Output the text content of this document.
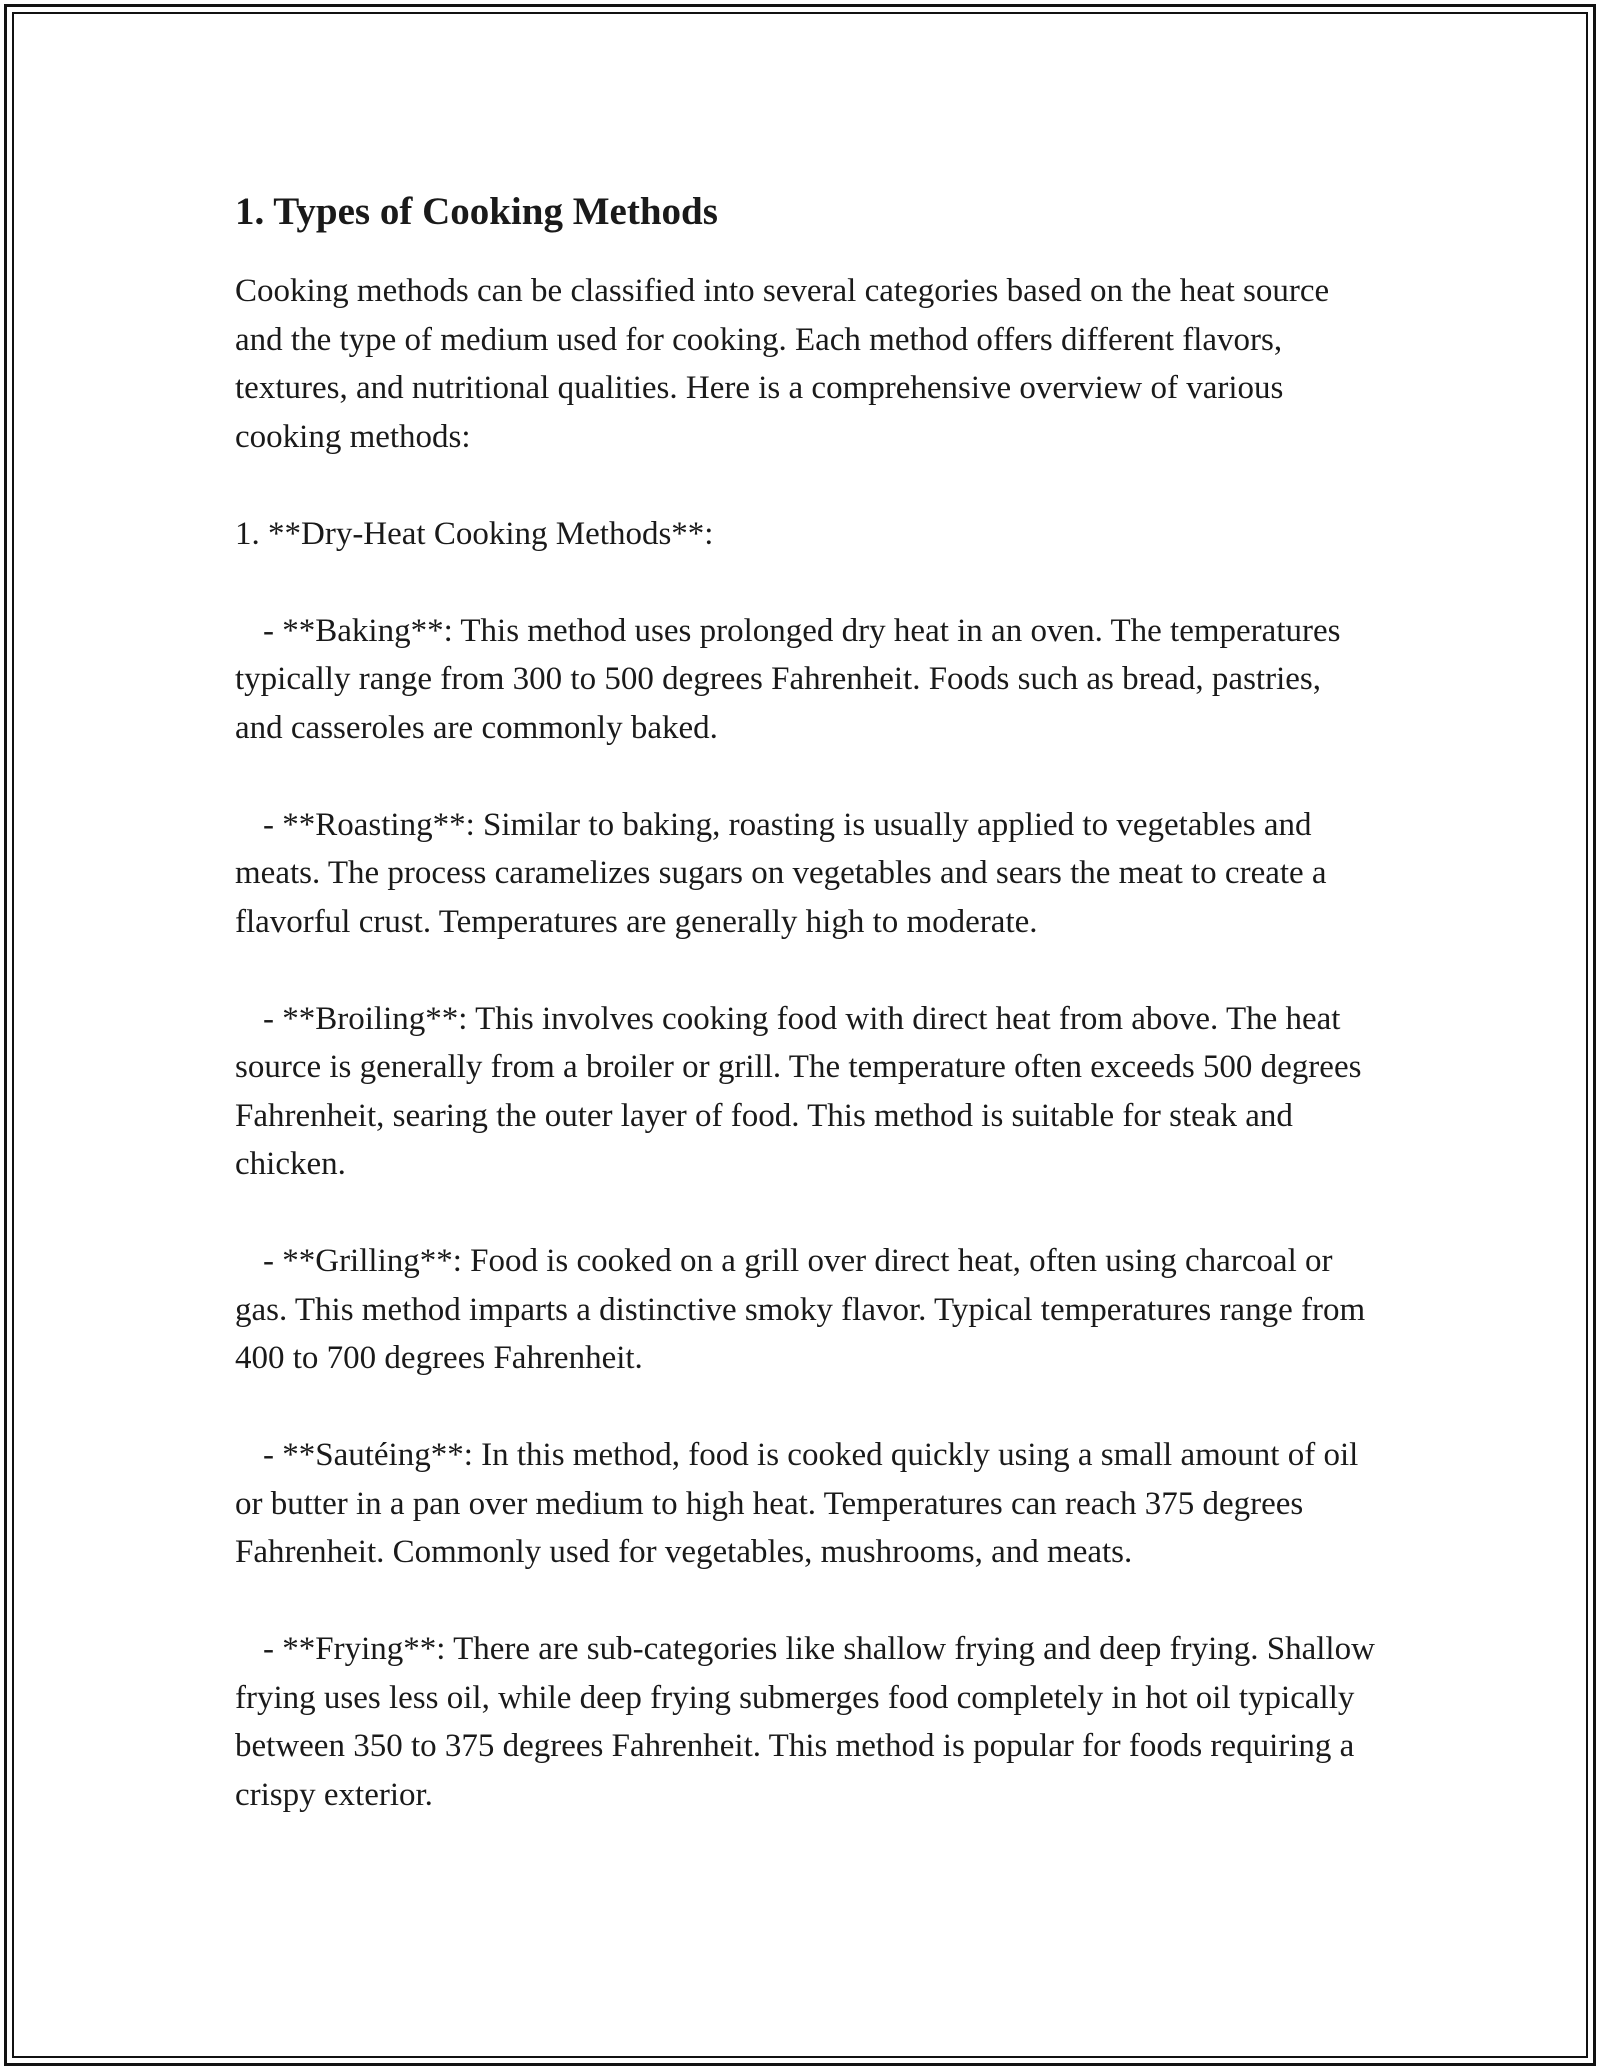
1. Types of Cooking Methods

Cooking methods can be classified into several categories based on the heat source and the type of medium used for cooking. Each method offers different flavors, textures, and nutritional qualities. Here is a comprehensive overview of various cooking methods:

1. **Dry-Heat Cooking Methods**:

- **Baking**: This method uses prolonged dry heat in an oven. The temperatures typically range from 300 to 500 degrees Fahrenheit. Foods such as bread, pastries, and casseroles are commonly baked.

- **Roasting**: Similar to baking, roasting is usually applied to vegetables and meats. The process caramelizes sugars on vegetables and sears the meat to create a flavorful crust. Temperatures are generally high to moderate.

- **Broiling**: This involves cooking food with direct heat from above. The heat source is generally from a broiler or grill. The temperature often exceeds 500 degrees Fahrenheit, searing the outer layer of food. This method is suitable for steak and chicken.

- **Grilling**: Food is cooked on a grill over direct heat, often using charcoal or gas. This method imparts a distinctive smoky flavor. Typical temperatures range from 400 to 700 degrees Fahrenheit.

- **Sautéing**: In this method, food is cooked quickly using a small amount of oil or butter in a pan over medium to high heat. Temperatures can reach 375 degrees Fahrenheit. Commonly used for vegetables, mushrooms, and meats.

- **Frying**: There are sub-categories like shallow frying and deep frying. Shallow frying uses less oil, while deep frying submerges food completely in hot oil typically between 350 to 375 degrees Fahrenheit. This method is popular for foods requiring a crispy exterior.
